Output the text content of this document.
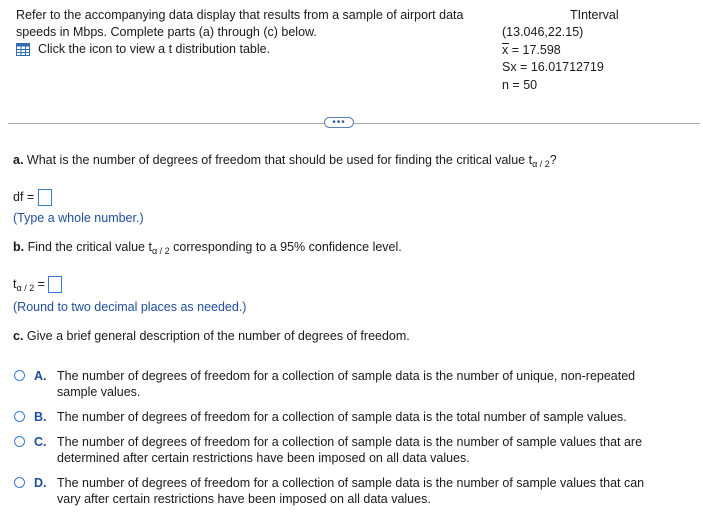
Refer to the accompanying data display that results from a sample of airport data
speeds in Mbps. Complete parts (a) through (c) below.
Click the icon to view a t distribution table.
TInterval
(13.046,22.15)
x = 17.598
Sx = 16.01712719
n = 50
•••
a. What is the number of degrees of freedom that should be used for finding the critical value $t_{\alpha / 2}$?
df =
(Type a whole number.)
b. Find the critical value $t_{\alpha / 2}$ corresponding to a 95% confidence level.
$t_{\alpha / 2}$ =
(Round to two decimal places as needed.)
c. Give a brief general description of the number of degrees of freedom.
A. The number of degrees of freedom for a collection of sample data is the number of unique, non-repeated
sample values.
B. The number of degrees of freedom for a collection of sample data is the total number of sample values.
C. The number of degrees of freedom for a collection of sample data is the number of sample values that are
determined after certain restrictions have been imposed on all data values.
D. The number of degrees of freedom for a collection of sample data is the number of sample values that can
vary after certain restrictions have been imposed on all data values.
